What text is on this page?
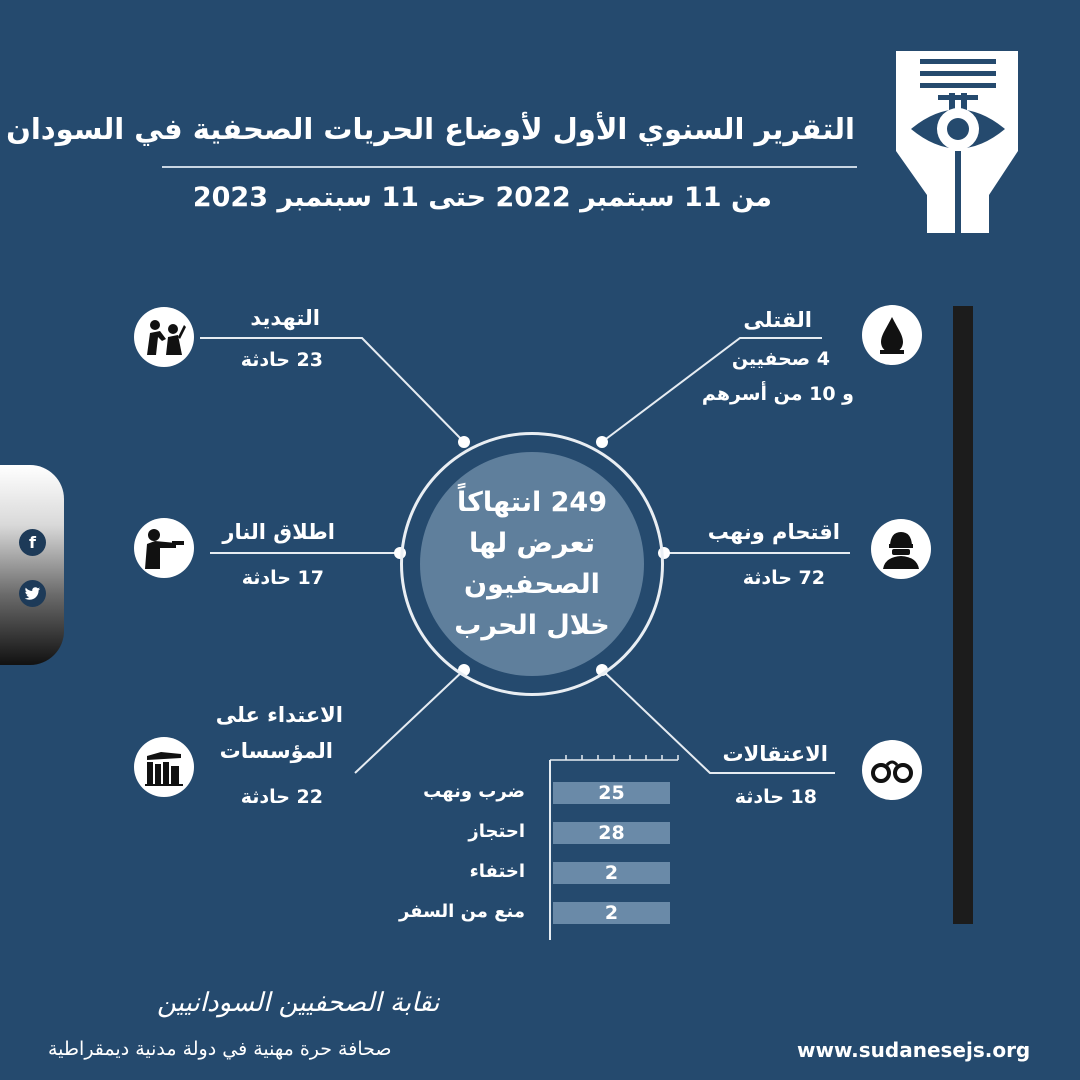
التقرير السنوي الأول لأوضاع الحريات الصحفية في السودان
من 11 سبتمبر 2022 حتى 11 سبتمبر 2023
f
249 انتهاكاً
تعرض لها
الصحفيون
خلال الحرب
القتلى
4 صحفيين
و 10 من أسرهم
التهديد
23 حادثة
اقتحام ونهب
72 حادثة
اطلاق النار
17 حادثة
الاعتقالات
18 حادثة
الاعتداء على
المؤسسات
22 حادثة	ضرب ونهب	25
احتجاز	28
اختفاء	2
منع من السفر	2
نقابة الصحفيين السودانيين
صحافة حرة مهنية في دولة مدنية ديمقراطية	www.sudanesejs.org
